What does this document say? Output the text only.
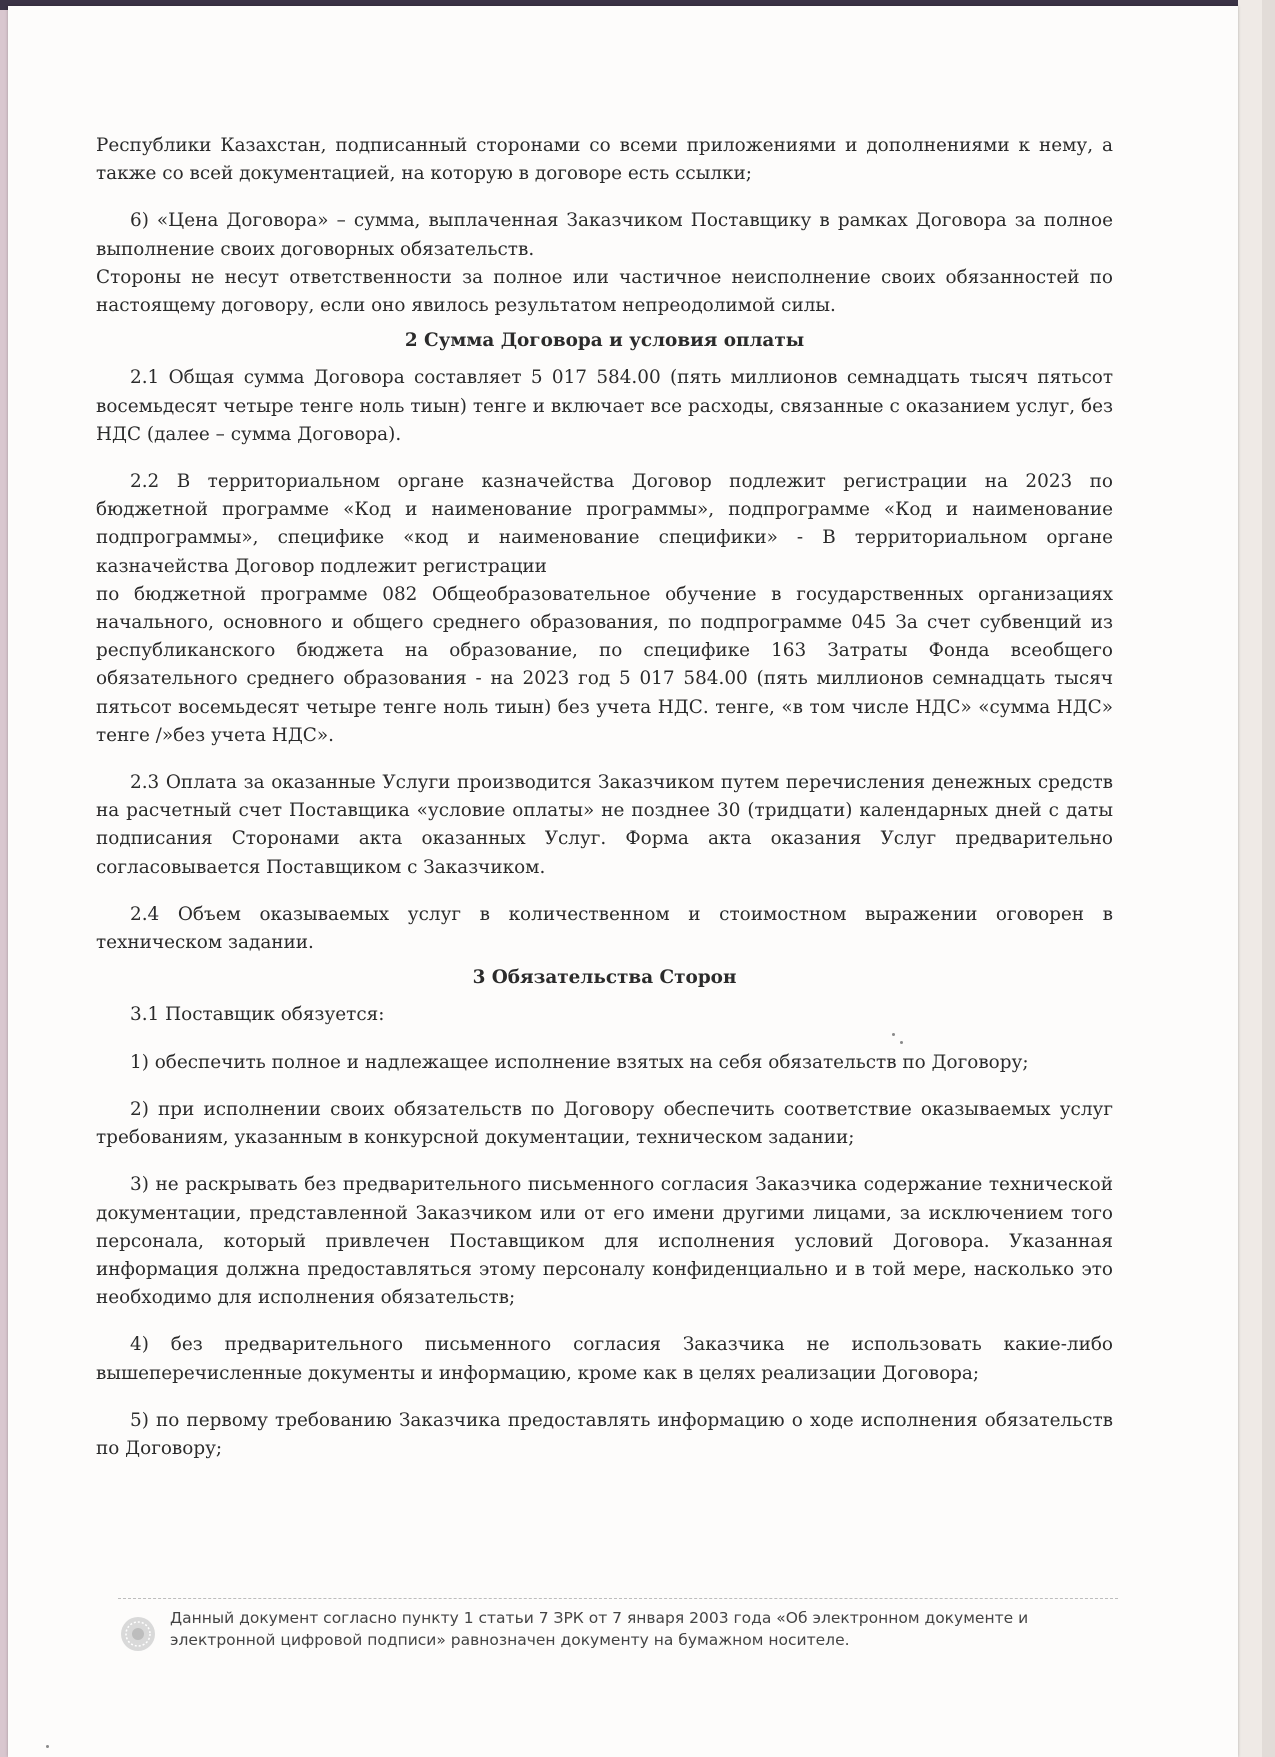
Республики Казахстан, подписанный сторонами со всеми приложениями и дополнениями к нему, а также со всей документацией, на которую в договоре есть ссылки;

6) «Цена Договора» – сумма, выплаченная Заказчиком Поставщику в рамках Договора за полное выполнение своих договорных обязательств.

Стороны не несут ответственности за полное или частичное неисполнение своих обязанностей по настоящему договору, если оно явилось результатом непреодолимой силы.

2 Сумма Договора и условия оплаты

2.1 Общая сумма Договора составляет 5 017 584.00 (пять миллионов семнадцать тысяч пятьсот восемьдесят четыре тенге ноль тиын) тенге и включает все расходы, связанные с оказанием услуг, без НДС (далее – сумма Договора).

2.2 В территориальном органе казначейства Договор подлежит регистрации на 2023 по бюджетной программе «Код и наименование программы», подпрограмме «Код и наименование подпрограммы», специфике «код и наименование специфики» - В территориальном органе казначейства Договор подлежит регистрации

по бюджетной программе 082 Общеобразовательное обучение в государственных организациях начального, основного и общего среднего образования, по подпрограмме 045 За счет субвенций из республиканского бюджета на образование, по специфике 163 Затраты Фонда всеобщего обязательного среднего образования - на 2023 год 5 017 584.00 (пять миллионов семнадцать тысяч пятьсот восемьдесят четыре тенге ноль тиын) без учета НДС. тенге, «в том числе НДС» «сумма НДС» тенге /»без учета НДС».

2.3 Оплата за оказанные Услуги производится Заказчиком путем перечисления денежных средств на расчетный счет Поставщика «условие оплаты» не позднее 30 (тридцати) календарных дней с даты подписания Сторонами акта оказанных Услуг. Форма акта оказания Услуг предварительно согласовывается Поставщиком с Заказчиком.

2.4 Объем оказываемых услуг в количественном и стоимостном выражении оговорен в техническом задании.

3 Обязательства Сторон

3.1 Поставщик обязуется:

1) обеспечить полное и надлежащее исполнение взятых на себя обязательств по Договору;

2) при исполнении своих обязательств по Договору обеспечить соответствие оказываемых услуг требованиям, указанным в конкурсной документации, техническом задании;

3) не раскрывать без предварительного письменного согласия Заказчика содержание технической документации, представленной Заказчиком или от его имени другими лицами, за исключением того персонала, который привлечен Поставщиком для исполнения условий Договора. Указанная информация должна предоставляться этому персоналу конфиденциально и в той мере, насколько это необходимо для исполнения обязательств;

4) без предварительного письменного согласия Заказчика не использовать какие-либо вышеперечисленные документы и информацию, кроме как в целях реализации Договора;

5) по первому требованию Заказчика предоставлять информацию о ходе исполнения обязательств по Договору;

Данный документ согласно пункту 1 статьи 7 ЗРК от 7 января 2003 года «Об электронном документе и электронной цифровой подписи» равнозначен документу на бумажном носителе.
